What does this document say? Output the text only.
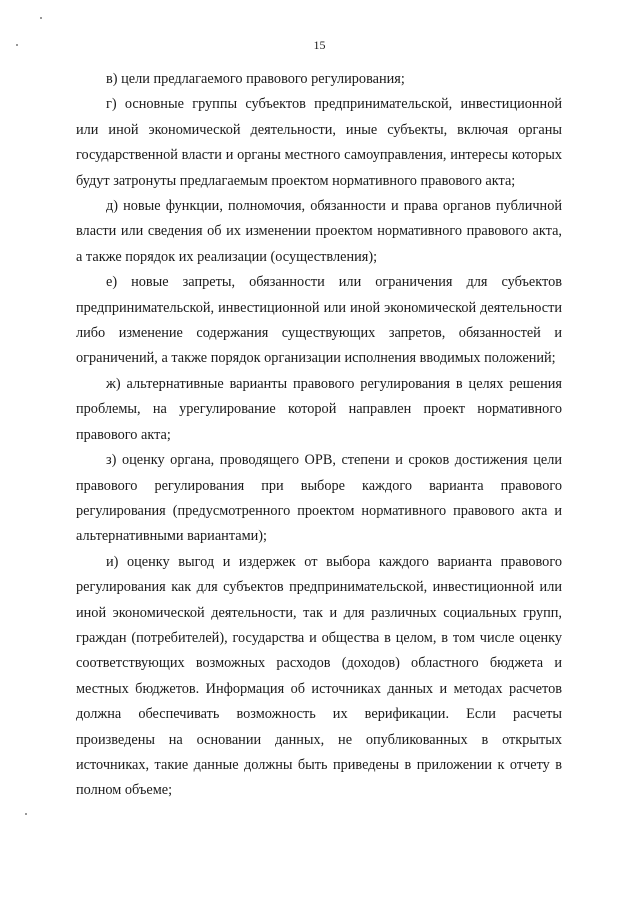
15

в) цели предлагаемого правового регулирования;

г) основные группы субъектов предпринимательской, инвестиционной или иной экономической деятельности, иные субъекты, включая органы государственной власти и органы местного самоуправления, интересы которых будут затронуты предлагаемым проектом нормативного правового акта;

д) новые функции, полномочия, обязанности и права органов публичной власти или сведения об их изменении проектом нормативного правового акта, а также порядок их реализации (осуществления);

е) новые запреты, обязанности или ограничения для субъектов предпринимательской, инвестиционной или иной экономической деятельности либо изменение содержания существующих запретов, обязанностей и ограничений, а также порядок организации исполнения вводимых положений;

ж) альтернативные варианты правового регулирования в целях решения проблемы, на урегулирование которой направлен проект нормативного правового акта;

з) оценку органа, проводящего ОРВ, степени и сроков достижения цели правового регулирования при выборе каждого варианта правового регулирования (предусмотренного проектом нормативного правового акта и альтернативными вариантами);

и) оценку выгод и издержек от выбора каждого варианта правового регулирования как для субъектов предпринимательской, инвестиционной или иной экономической деятельности, так и для различных социальных групп, граждан (потребителей), государства и общества в целом, в том числе оценку соответствующих возможных расходов (доходов) областного бюджета и местных бюджетов. Информация об источниках данных и методах расчетов должна обеспечивать возможность их верификации. Если расчеты произведены на основании данных, не опубликованных в открытых источниках, такие данные должны быть приведены в приложении к отчету в полном объеме;
